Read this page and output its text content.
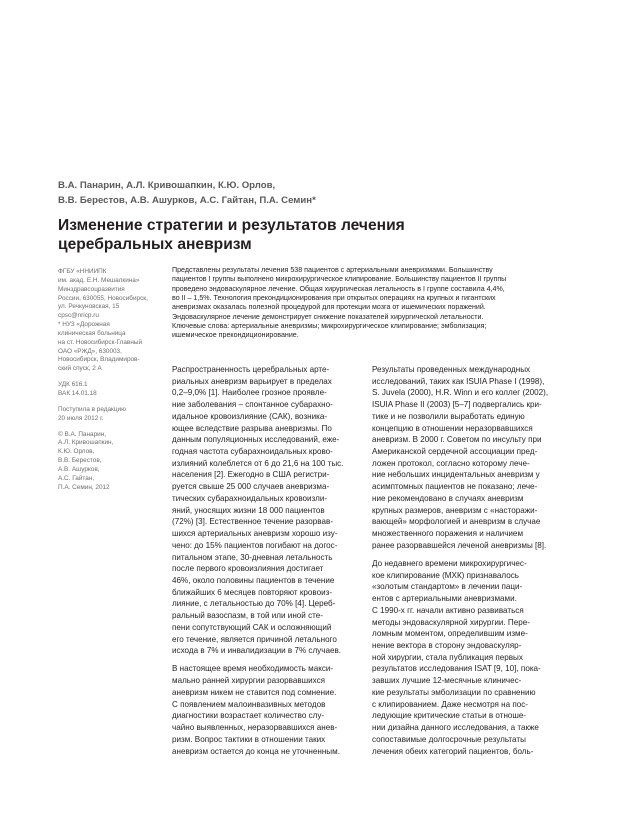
В.А. Панарин, А.Л. Кривошапкин, К.Ю. Орлов,
В.В. Берестов, А.В. Ашурков, А.С. Гайтан, П.А. Семин*
Изменение стратегии и результатов лечения
церебральных аневризм
ФГБУ «ННИИПК
им. акад. Е.Н. Мешалкина»
Минздравсоцразвития
России, 630055, Новосибирск,
ул. Речкуновская, 15
cpsc@nricp.ru
* НУЗ «Дорожная
клиническая больница
на ст. Новосибирск-Главный
ОАО «РЖД», 630003,
Новосибирск, Владимиров-
ский спуск, 2 А
УДК 616.1
ВАК 14.01.18
Поступила в редакцию
20 июля 2012 г.
© В.А. Панарин,
А.Л. Кривошапкин,
К.Ю. Орлов,
В.В. Берестов,
А.В. Ашурков,
А.С. Гайтан,
П.А. Семин, 2012
Представлены результаты лечения 538 пациентов с артериальными аневризмами. Большинству
пациентов I группы выполнено микрохирургическое клипирование. Большинству пациентов II группы
проведено эндоваскулярное лечение. Общая хирургическая летальность в I группе составила 4,4%,
во II – 1,5%. Технология прекондиционирования при открытых операциях на крупных и гигантских
аневризмах оказалась полезной процедурой для протекции мозга от ишемических поражений.
Эндоваскулярное лечение демонстрирует снижение показателей хирургической летальности.
Ключевые слова: артериальные аневризмы; микрохирургическое клипирование; эмболизация;
ишемическое прекондиционирование.
Распространенность церебральных арте-
риальных аневризм варьирует в пределах
0,2–9,0% [1]. Наиболее грозное проявле-
ние заболевания – спонтанное субарахно-
идальное кровоизлияние (САК), возника-
ющее вследствие разрыва аневризмы. По
данным популяционных исследований, еже-
годная частота субарахноидальных крово-
излияний колеблется от 6 до 21,6 на 100 тыс.
населения [2]. Ежегодно в США регистри-
руется свыше 25 000 случаев аневризма-
тических субарахноидальных кровоизли-
яний, уносящих жизни 18 000 пациентов
(72%) [3]. Естественное течение разорвав-
шихся артериальных аневризм хорошо изу-
чено: до 15% пациентов погибают на догос-
питальном этапе, 30-дневная летальность
после первого кровоизлияния достигает
46%, около половины пациентов в течение
ближайших 6 месяцев повторяют кровоиз-
лияние, с летальностью до 70% [4]. Цереб-
ральный вазоспазм, в той или иной сте-
пени сопутствующий САК и осложняющий
его течение, является причиной летального
исхода в 7% и инвалидизации в 7% случаев.
В настоящее время необходимость макси-
мально ранней хирургии разорвавшихся
аневризм никем не ставится под сомнение.
С появлением малоинвазивных методов
диагностики возрастает количество слу-
чайно выявленных, неразорвавшихся анев-
ризм. Вопрос тактики в отношении таких
аневризм остается до конца не уточненным.
Результаты проведенных международных
исследований, таких как ISUIA Phase I (1998),
S. Juvela (2000), H.R. Winn и его коллег (2002),
ISUIA Phase II (2003) [5–7] подвергались кри-
тике и не позволили выработать единую
концепцию в отношении неразорвавшихся
аневризм. В 2000 г. Советом по инсульту при
Американской сердечной ассоциации пред-
ложен протокол, согласно которому лече-
ние небольших инцидентальных аневризм у
асимптомных пациентов не показано; лече-
ние рекомендовано в случаях аневризм
крупных размеров, аневризм с «насторажи-
вающей» морфологией и аневризм в случае
множественного поражения и наличием
ранее разорвавшейся леченой аневризмы [8].
До недавнего времени микрохирургичес-
кое клипирование (МХК) признавалось
«золотым стандартом» в лечении паци-
ентов с артериальными аневризмами.
С 1990-х гг. начали активно развиваться
методы эндоваскулярной хирургии. Пере-
ломным моментом, определившим изме-
нение вектора в сторону эндоваскуляр-
ной хирургии, стала публикация первых
результатов исследования ISAT [9, 10], пока-
завших лучшие 12-месячные клиничес-
кие результаты эмболизации по сравнению
с клипированием. Даже несмотря на пос-
ледующие критические статьи в отноше-
нии дизайна данного исследования, а также
сопоставимые долгосрочные результаты
лечения обеих категорий пациентов, боль-
